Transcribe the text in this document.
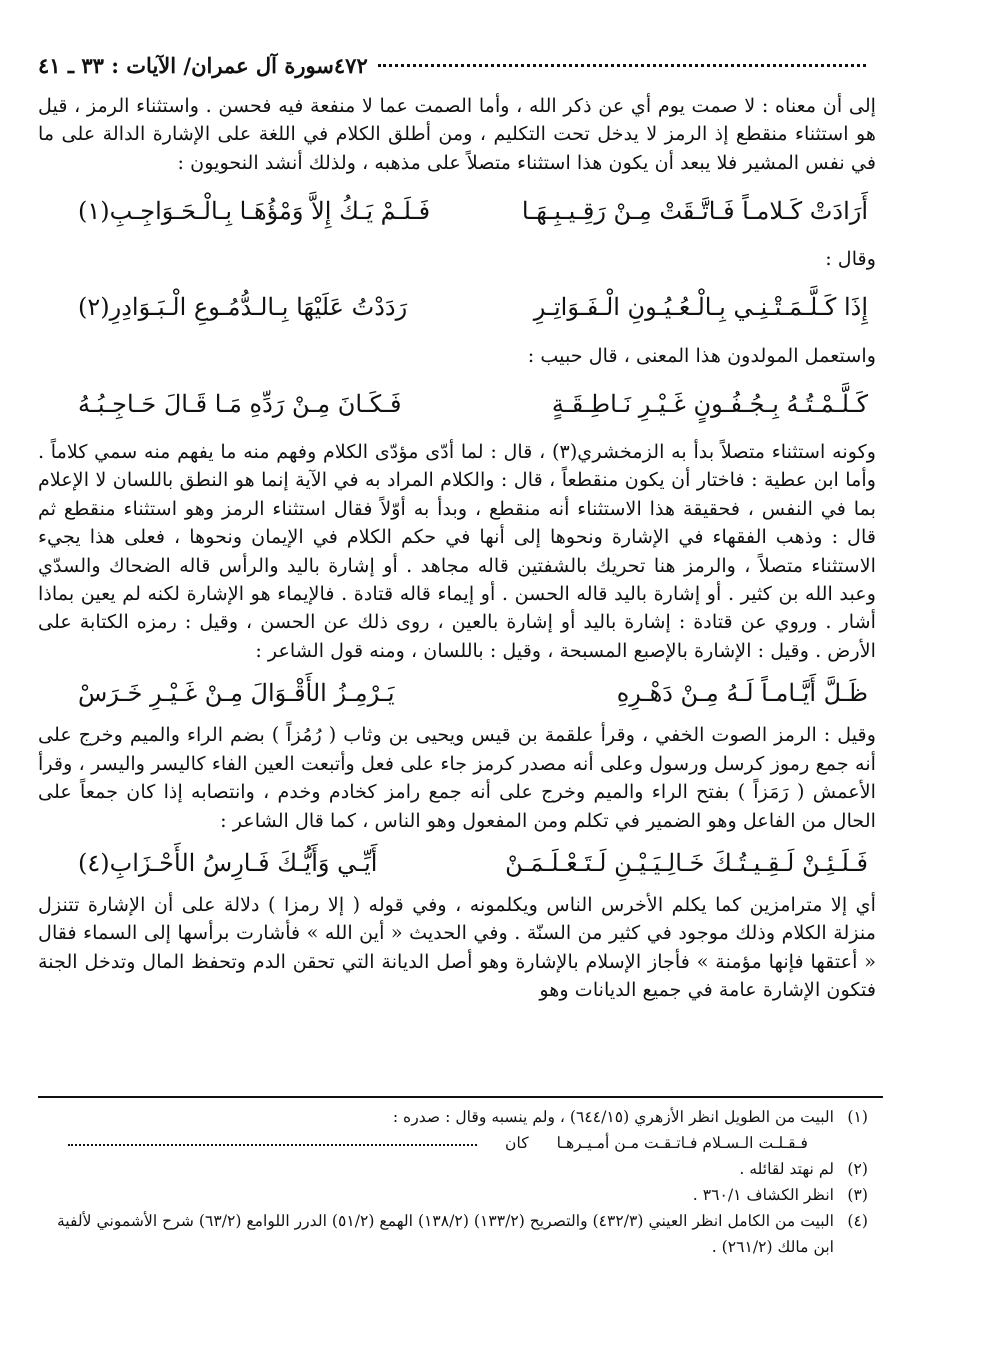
سورة آل عمران/ الآيات : ٣٣ ـ ٤١ ٤٧٢

إلى أن معناه : لا صمت يوم أي عن ذكر الله ، وأما الصمت عما لا منفعة فيه فحسن . واستثناء الرمز ، قيل هو استثناء منقطع إذ الرمز لا يدخل تحت التكليم ، ومن أطلق الكلام في اللغة على الإشارة الدالة على ما في نفس المشير فلا يبعد أن يكون هذا استثناء متصلاً على مذهبه ، ولذلك أنشد النحويون :

أَرَادَتْ كَـلامـاً فَـاتَّـقَتْ مِـنْ رَقِـيـبِـهَـا
فَـلَـمْ يَـكُ إِلاَّ وَمْؤُهَـا بِـالْـحَـوَاجِـبِ(١)

وقال :

إِذَا كَـلَّـمَـتْـنِـي بِـالْـعُـيُـونِ الْـفَـوَاتِـرِ
رَدَدْتُ عَلَيْهَا بِـالـدُّمُـوعِ الْـبَـوَادِرِ(٢)

واستعمل المولدون هذا المعنى ، قال حبيب :

كَـلَّـمْـتُـهُ بِـجُـفُـونٍ غَـيْـرِ نَـاطِـقَـةٍ
فَـكَـانَ مِـنْ رَدِّهِ مَـا قَـالَ حَـاجِـبُـهُ

وكونه استثناء متصلاً بدأ به الزمخشري(٣) ، قال : لما أدّى مؤدّى الكلام وفهم منه ما يفهم منه سمي كلاماً . وأما ابن عطية : فاختار أن يكون منقطعاً ، قال : والكلام المراد به في الآية إنما هو النطق باللسان لا الإعلام بما في النفس ، فحقيقة هذا الاستثناء أنه منقطع ، وبدأ به أوّلاً فقال استثناء الرمز وهو استثناء منقطع ثم قال : وذهب الفقهاء في الإشارة ونحوها إلى أنها في حكم الكلام في الإيمان ونحوها ، فعلى هذا يجيء الاستثناء متصلاً ، والرمز هنا تحريك بالشفتين قاله مجاهد . أو إشارة باليد والرأس قاله الضحاك والسدّي وعبد الله بن كثير . أو إشارة باليد قاله الحسن . أو إيماء قاله قتادة . فالإيماء هو الإشارة لكنه لم يعين بماذا أشار . وروي عن قتادة : إشارة باليد أو إشارة بالعين ، روى ذلك عن الحسن ، وقيل : رمزه الكتابة على الأرض . وقيل : الإشارة بالإصبع المسبحة ، وقيل : باللسان ، ومنه قول الشاعر :

ظَـلَّ أَيَّـامـاً لَـهُ مِـنْ دَهْـرِهِ
يَـرْمِـزُ الأَقْـوَالَ مِـنْ غَـيْـرِ خَـرَسْ

وقيل : الرمز الصوت الخفي ، وقرأ علقمة بن قيس ويحيى بن وثاب ( رُمُزاً ) بضم الراء والميم وخرج على أنه جمع رموز كرسل ورسول وعلى أنه مصدر كرمز جاء على فعل وأتبعت العين الفاء كاليسر واليسر ، وقرأ الأعمش ( رَمَزاً ) بفتح الراء والميم وخرج على أنه جمع رامز كخادم وخدم ، وانتصابه إذا كان جمعاً على الحال من الفاعل وهو الضمير في تكلم ومن المفعول وهو الناس ، كما قال الشاعر :

فَـلَـئِـنْ لَـقِـيـتُـكَ خَـالِـيَـيْـنِ لَـتَـعْـلَـمَـنْ
أَيِّـي وَأَيُّـكَ فَـارِسُ الأَحْـزَابِ(٤)

أي إلا مترامزين كما يكلم الأخرس الناس ويكلمونه ، وفي قوله ( إلا رمزا ) دلالة على أن الإشارة تتنزل منزلة الكلام وذلك موجود في كثير من السنّة . وفي الحديث « أين الله » فأشارت برأسها إلى السماء فقال « أعتقها فإنها مؤمنة » فأجاز الإسلام بالإشارة وهو أصل الديانة التي تحقن الدم وتحفظ المال وتدخل الجنة فتكون الإشارة عامة في جميع الديانات وهو

(١)
البيت من الطويل انظر الأزهري (٦٤٤/١٥) ، ولم ينسبه وقال : صدره :
فـقـلـت الـسـلام فـاتـقـت مـن أمـيـرهـا
كان
(٢)
لم نهتد لقائله .
(٣)
انظر الكشاف ٣٦٠/١ .
(٤)
البيت من الكامل انظر العيني (٤٣٢/٣) والتصريح (١٣٣/٢) (١٣٨/٢) الهمع (٥١/٢) الدرر اللوامع (٦٣/٢) شرح الأشموني لألفية ابن مالك (٢٦١/٢) .
